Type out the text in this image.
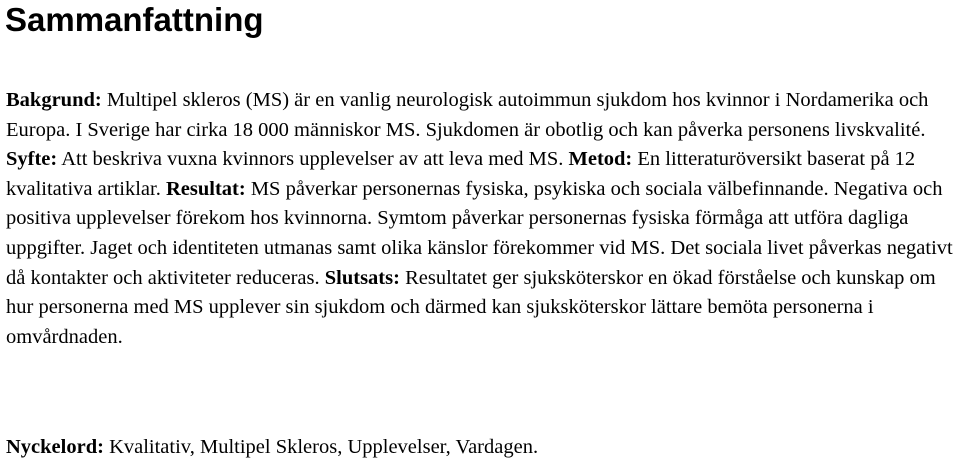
Sammanfattning

Bakgrund: Multipel skleros (MS) är en vanlig neurologisk autoimmun sjukdom hos kvinnor i Nordamerika och Europa. I Sverige har cirka 18 000 människor MS. Sjukdomen är obotlig och kan påverka personens livskvalité. Syfte: Att beskriva vuxna kvinnors upplevelser av att leva med MS. Metod: En litteraturöversikt baserat på 12 kvalitativa artiklar. Resultat: MS påverkar personernas fysiska, psykiska och sociala välbefinnande. Negativa och positiva upplevelser förekom hos kvinnorna. Symtom påverkar personernas fysiska förmåga att utföra dagliga uppgifter. Jaget och identiteten utmanas samt olika känslor förekommer vid MS. Det sociala livet påverkas negativt då kontakter och aktiviteter reduceras. Slutsats: Resultatet ger sjuksköterskor en ökad förståelse och kunskap om hur personerna med MS upplever sin sjukdom och därmed kan sjuksköterskor lättare bemöta personerna i omvårdnaden.

Nyckelord: Kvalitativ, Multipel Skleros, Upplevelser, Vardagen.
